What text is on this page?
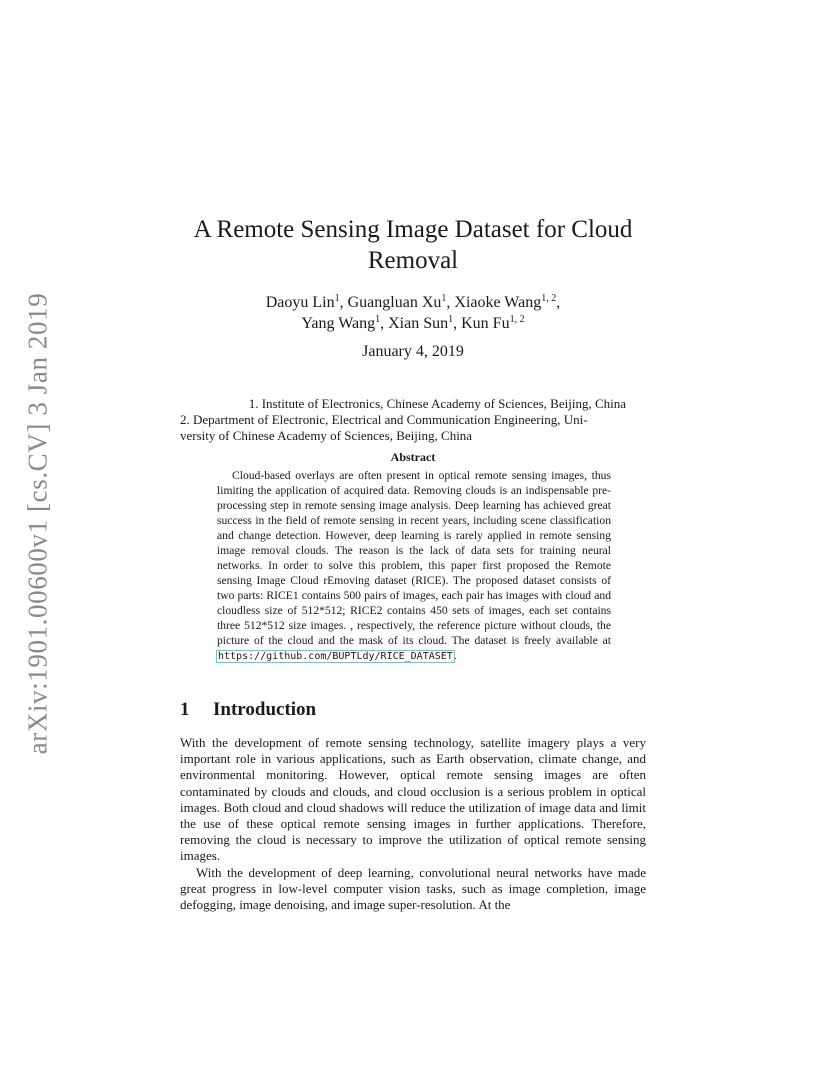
arXiv:1901.00600v1 [cs.CV] 3 Jan 2019
A Remote Sensing Image Dataset for Cloud Removal
Daoyu Lin$^1$, Guangluan Xu$^1$, Xiaoke Wang$^{1, 2}$,
Yang Wang$^1$, Xian Sun$^1$, Kun Fu$^{1, 2}$
January 4, 2019
1. Institute of Electronics, Chinese Academy of Sciences, Beijing, China
2. Department of Electronic, Electrical and Communication Engineering, Uni-
versity of Chinese Academy of Sciences, Beijing, China
Abstract
Cloud-based overlays are often present in optical remote sensing images, thus limiting the application of acquired data. Removing clouds is an indispensable pre-processing step in remote sensing image analysis. Deep learning has achieved great success in the field of remote sensing in recent years, including scene classification and change detection. However, deep learning is rarely applied in remote sensing image removal clouds. The reason is the lack of data sets for training neural networks. In order to solve this problem, this paper first proposed the Remote sensing Image Cloud rEmoving dataset (RICE). The proposed dataset consists of two parts: RICE1 contains 500 pairs of images, each pair has images with cloud and cloudless size of 512*512; RICE2 contains 450 sets of images, each set contains three 512*512 size images. , respectively, the reference picture without clouds, the picture of the cloud and the mask of its cloud. The dataset is freely available at https://github.com/BUPTLdy/RICE_DATASET.
1 Introduction

With the development of remote sensing technology, satellite imagery plays a very important role in various applications, such as Earth observation, climate change, and environmental monitoring. However, optical remote sensing images are often contaminated by clouds and clouds, and cloud occlusion is a serious problem in optical images. Both cloud and cloud shadows will reduce the utilization of image data and limit the use of these optical remote sensing images in further applications. Therefore, removing the cloud is necessary to improve the utilization of optical remote sensing images.

With the development of deep learning, convolutional neural networks have made great progress in low-level computer vision tasks, such as image completion, image defogging, image denoising, and image super-resolution. At the
